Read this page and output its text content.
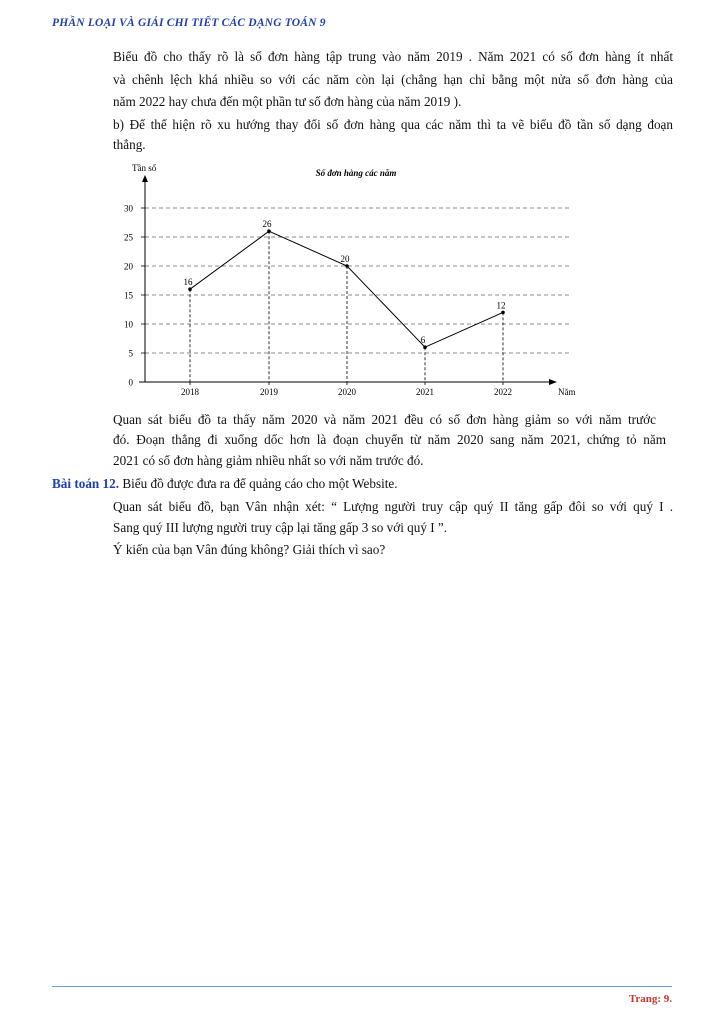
PHẦN LOẠI VÀ GIẢI CHI TIẾT CÁC DẠNG TOÁN 9
Biểu đồ cho thấy rõ là số đơn hàng tập trung vào năm 2019 . Năm 2021 có số đơn hàng ít nhất
và chênh lệch khá nhiều so với các năm còn lại (chẳng hạn chỉ bằng một nửa số đơn hàng của
năm 2022 hay chưa đến một phần tư số đơn hàng của năm 2019 ).
b) Để thể hiện rõ xu hướng thay đổi số đơn hàng qua các năm thì ta vẽ biểu đồ tần số dạng đoạn
thẳng.
Số đơn hàng các năm
Tần số
0
5
10
15
20
25
30
Năm
2018	2019	2020	2021	2022
16
26
20
6
12
Quan sát biểu đồ ta thấy năm 2020 và năm 2021 đều có số đơn hàng giảm so với năm trước
đó. Đoạn thẳng đi xuống dốc hơn là đoạn chuyển từ năm 2020 sang năm 2021, chứng tỏ năm
2021 có số đơn hàng giảm nhiều nhất so với năm trước đó.
Bài toán 12. Biểu đồ được đưa ra để quảng cáo cho một Website.
Quan sát biểu đồ, bạn Vân nhận xét: “ Lượng người truy cập quý II tăng gấp đôi so với quý I .
Sang quý III lượng người truy cập lại tăng gấp 3 so với quý I ”.
Ý kiến của bạn Vân đúng không? Giải thích vì sao?
Trang: 9.
